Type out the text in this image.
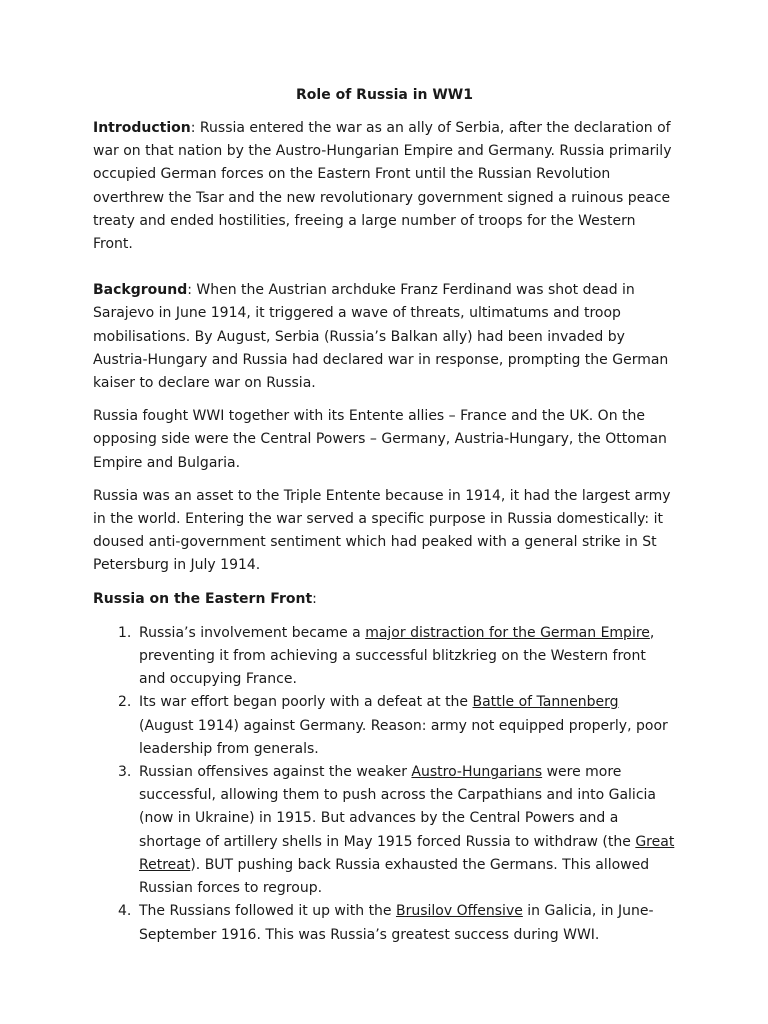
Role of Russia in WW1

Introduction: Russia entered the war as an ally of Serbia, after the declaration of war on that nation by the Austro-Hungarian Empire and Germany. Russia primarily occupied German forces on the Eastern Front until the Russian Revolution overthrew the Tsar and the new revolutionary government signed a ruinous peace treaty and ended hostilities, freeing a large number of troops for the Western Front.

Background: When the Austrian archduke Franz Ferdinand was shot dead in Sarajevo in June 1914, it triggered a wave of threats, ultimatums and troop mobilisations. By August, Serbia (Russia’s Balkan ally) had been invaded by Austria-Hungary and Russia had declared war in response, prompting the German kaiser to declare war on Russia.

Russia fought WWI together with its Entente allies – France and the UK. On the opposing side were the Central Powers – Germany, Austria-Hungary, the Ottoman Empire and Bulgaria.

Russia was an asset to the Triple Entente because in 1914, it had the largest army in the world. Entering the war served a specific purpose in Russia domestically: it doused anti-government sentiment which had peaked with a general strike in St Petersburg in July 1914.

Russia on the Eastern Front:

1. Russia’s involvement became a major distraction for the German Empire, preventing it from achieving a successful blitzkrieg on the Western front and occupying France.
2. Its war effort began poorly with a defeat at the Battle of Tannenberg (August 1914) against Germany. Reason: army not equipped properly, poor leadership from generals.
3. Russian offensives against the weaker Austro-Hungarians were more successful, allowing them to push across the Carpathians and into Galicia (now in Ukraine) in 1915. But advances by the Central Powers and a shortage of artillery shells in May 1915 forced Russia to withdraw (the Great Retreat). BUT pushing back Russia exhausted the Germans. This allowed Russian forces to regroup.
4. The Russians followed it up with the Brusilov Offensive in Galicia, in June-September 1916. This was Russia’s greatest success during WWI.
